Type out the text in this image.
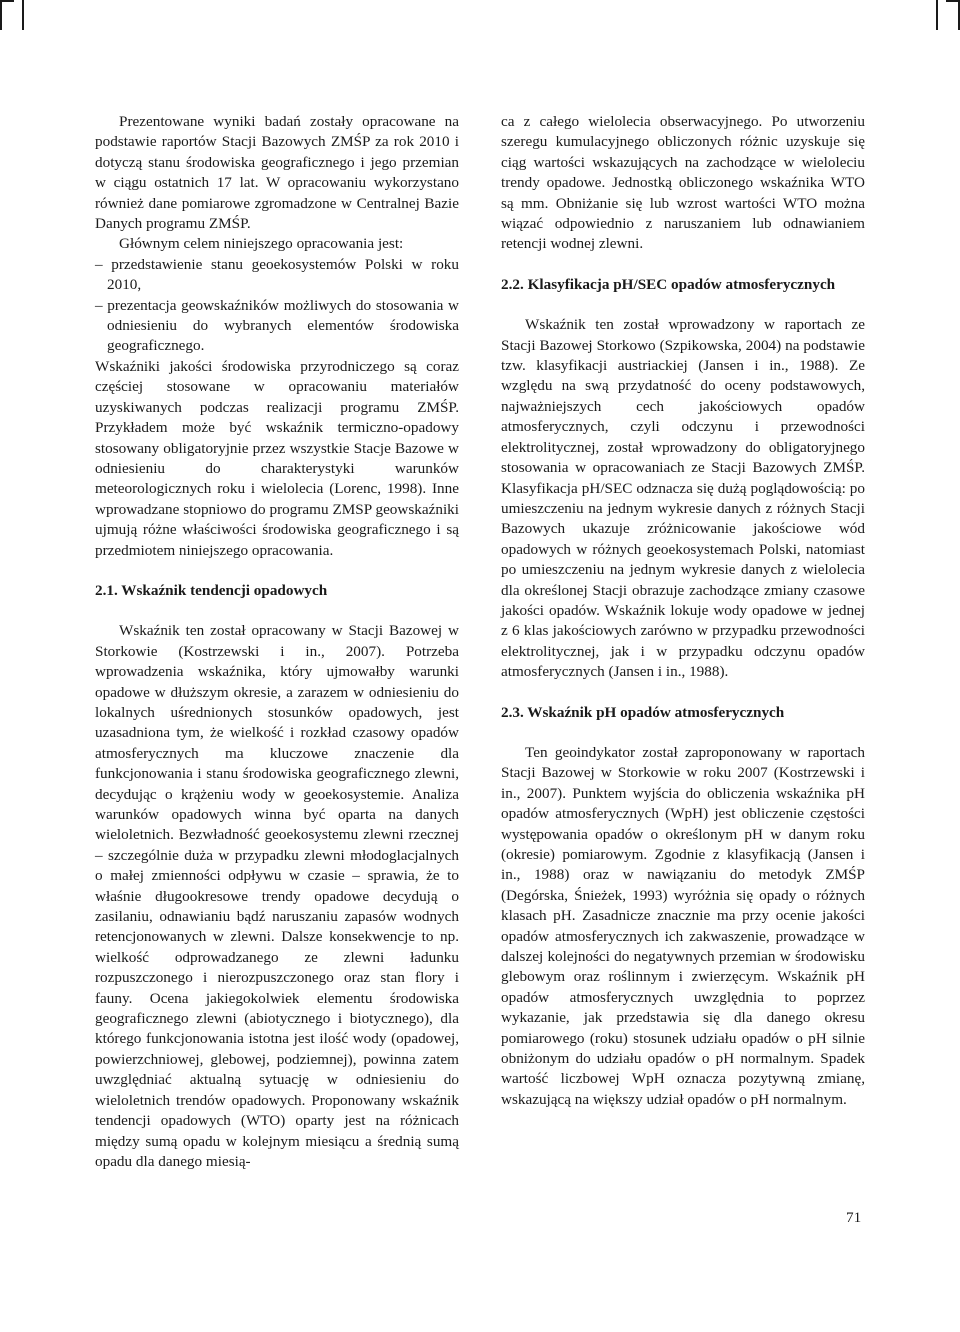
Prezentowane wyniki badań zostały opracowane na podstawie raportów Stacji Bazowych ZMŚP za rok 2010 i dotyczą stanu środowiska geograficznego i jego przemian w ciągu ostatnich 17 lat. W opracowaniu wykorzystano również dane pomiarowe zgromadzone w Centralnej Bazie Danych programu ZMŚP.

Głównym celem niniejszego opracowania jest:

– przedstawienie stanu geoekosystemów Polski w roku 2010,
– prezentacja geowskaźników możliwych do stosowania w odniesieniu do wybranych elementów środowiska geograficznego.

Wskaźniki jakości środowiska przyrodniczego są coraz częściej stosowane w opracowaniu materiałów uzyskiwanych podczas realizacji programu ZMŚP. Przykładem może być wskaźnik termiczno-opadowy stosowany obligatoryjnie przez wszystkie Stacje Bazowe w odniesieniu do charakterystyki warunków meteorologicznych roku i wielolecia (Lorenc, 1998). Inne wprowadzane stopniowo do programu ZMSP geowskaźniki ujmują różne właściwości środowiska geograficznego i są przedmiotem niniejszego opracowania.

2.1. Wskaźnik tendencji opadowych

Wskaźnik ten został opracowany w Stacji Bazowej w Storkowie (Kostrzewski i in., 2007). Potrzeba wprowadzenia wskaźnika, który ujmowałby warunki opadowe w dłuższym okresie, a zarazem w odniesieniu do lokalnych uśrednionych stosunków opadowych, jest uzasadniona tym, że wielkość i rozkład czasowy opadów atmosferycznych ma kluczowe znaczenie dla funkcjonowania i stanu środowiska geograficznego zlewni, decydując o krążeniu wody w geoekosystemie. Analiza warunków opadowych winna być oparta na danych wieloletnich. Bezwładność geoekosystemu zlewni rzecznej – szczególnie duża w przypadku zlewni młodoglacjalnych o małej zmienności odpływu w czasie – sprawia, że to właśnie długookresowe trendy opadowe decydują o zasilaniu, odnawianiu bądź naruszaniu zapasów wodnych retencjonowanych w zlewni. Dalsze konsekwencje to np. wielkość odprowadzanego ze zlewni ładunku rozpuszczonego i nierozpuszczonego oraz stan flory i fauny. Ocena jakiegokolwiek elementu środowiska geograficznego zlewni (abiotycznego i biotycznego), dla którego funkcjonowania istotna jest ilość wody (opadowej, powierzchniowej, glebowej, podziemnej), powinna zatem uwzględniać aktualną sytuację w odniesieniu do wieloletnich trendów opadowych. Proponowany wskaźnik tendencji opadowych (WTO) oparty jest na różnicach między sumą opadu w kolejnym miesiącu a średnią sumą opadu dla danego miesią-

ca z całego wielolecia obserwacyjnego. Po utworzeniu szeregu kumulacyjnego obliczonych różnic uzyskuje się ciąg wartości wskazujących na zachodzące w wieloleciu trendy opadowe. Jednostką obliczonego wskaźnika WTO są mm. Obniżanie się lub wzrost wartości WTO można wiązać odpowiednio z naruszaniem lub odnawianiem retencji wodnej zlewni.

2.2. Klasyfikacja pH/SEC opadów atmosferycznych

Wskaźnik ten został wprowadzony w raportach ze Stacji Bazowej Storkowo (Szpikowska, 2004) na podstawie tzw. klasyfikacji austriackiej (Jansen i in., 1988). Ze względu na swą przydatność do oceny podstawowych, najważniejszych cech jakościowych opadów atmosferycznych, czyli odczynu i przewodności elektrolitycznej, został wprowadzony do obligatoryjnego stosowania w opracowaniach ze Stacji Bazowych ZMŚP. Klasyfikacja pH/SEC odznacza się dużą poglądowością: po umieszczeniu na jednym wykresie danych z różnych Stacji Bazowych ukazuje zróżnicowanie jakościowe wód opadowych w różnych geoekosystemach Polski, natomiast po umieszczeniu na jednym wykresie danych z wielolecia dla określonej Stacji obrazuje zachodzące zmiany czasowe jakości opadów. Wskaźnik lokuje wody opadowe w jednej z 6 klas jakościowych zarówno w przypadku przewodności elektrolitycznej, jak i w przypadku odczynu opadów atmosferycznych (Jansen i in., 1988).

2.3. Wskaźnik pH opadów atmosferycznych

Ten geoindykator został zaproponowany w raportach Stacji Bazowej w Storkowie w roku 2007 (Kostrzewski i in., 2007). Punktem wyjścia do obliczenia wskaźnika pH opadów atmosferycznych (WpH) jest obliczenie częstości występowania opadów o określonym pH w danym roku (okresie) pomiarowym. Zgodnie z klasyfikacją (Jansen i in., 1988) oraz w nawiązaniu do metodyk ZMŚP (Degórska, Śnieżek, 1993) wyróżnia się opady o różnych klasach pH. Zasadnicze znacznie ma przy ocenie jakości opadów atmosferycznych ich zakwaszenie, prowadzące w dalszej kolejności do negatywnych przemian w środowisku glebowym oraz roślinnym i zwierzęcym. Wskaźnik pH opadów atmosferycznych uwzględnia to poprzez wykazanie, jak przedstawia się dla danego okresu pomiarowego (roku) stosunek udziału opadów o pH silnie obniżonym do udziału opadów o pH normalnym. Spadek wartość liczbowej WpH oznacza pozytywną zmianę, wskazującą na większy udział opadów o pH normalnym.

71
